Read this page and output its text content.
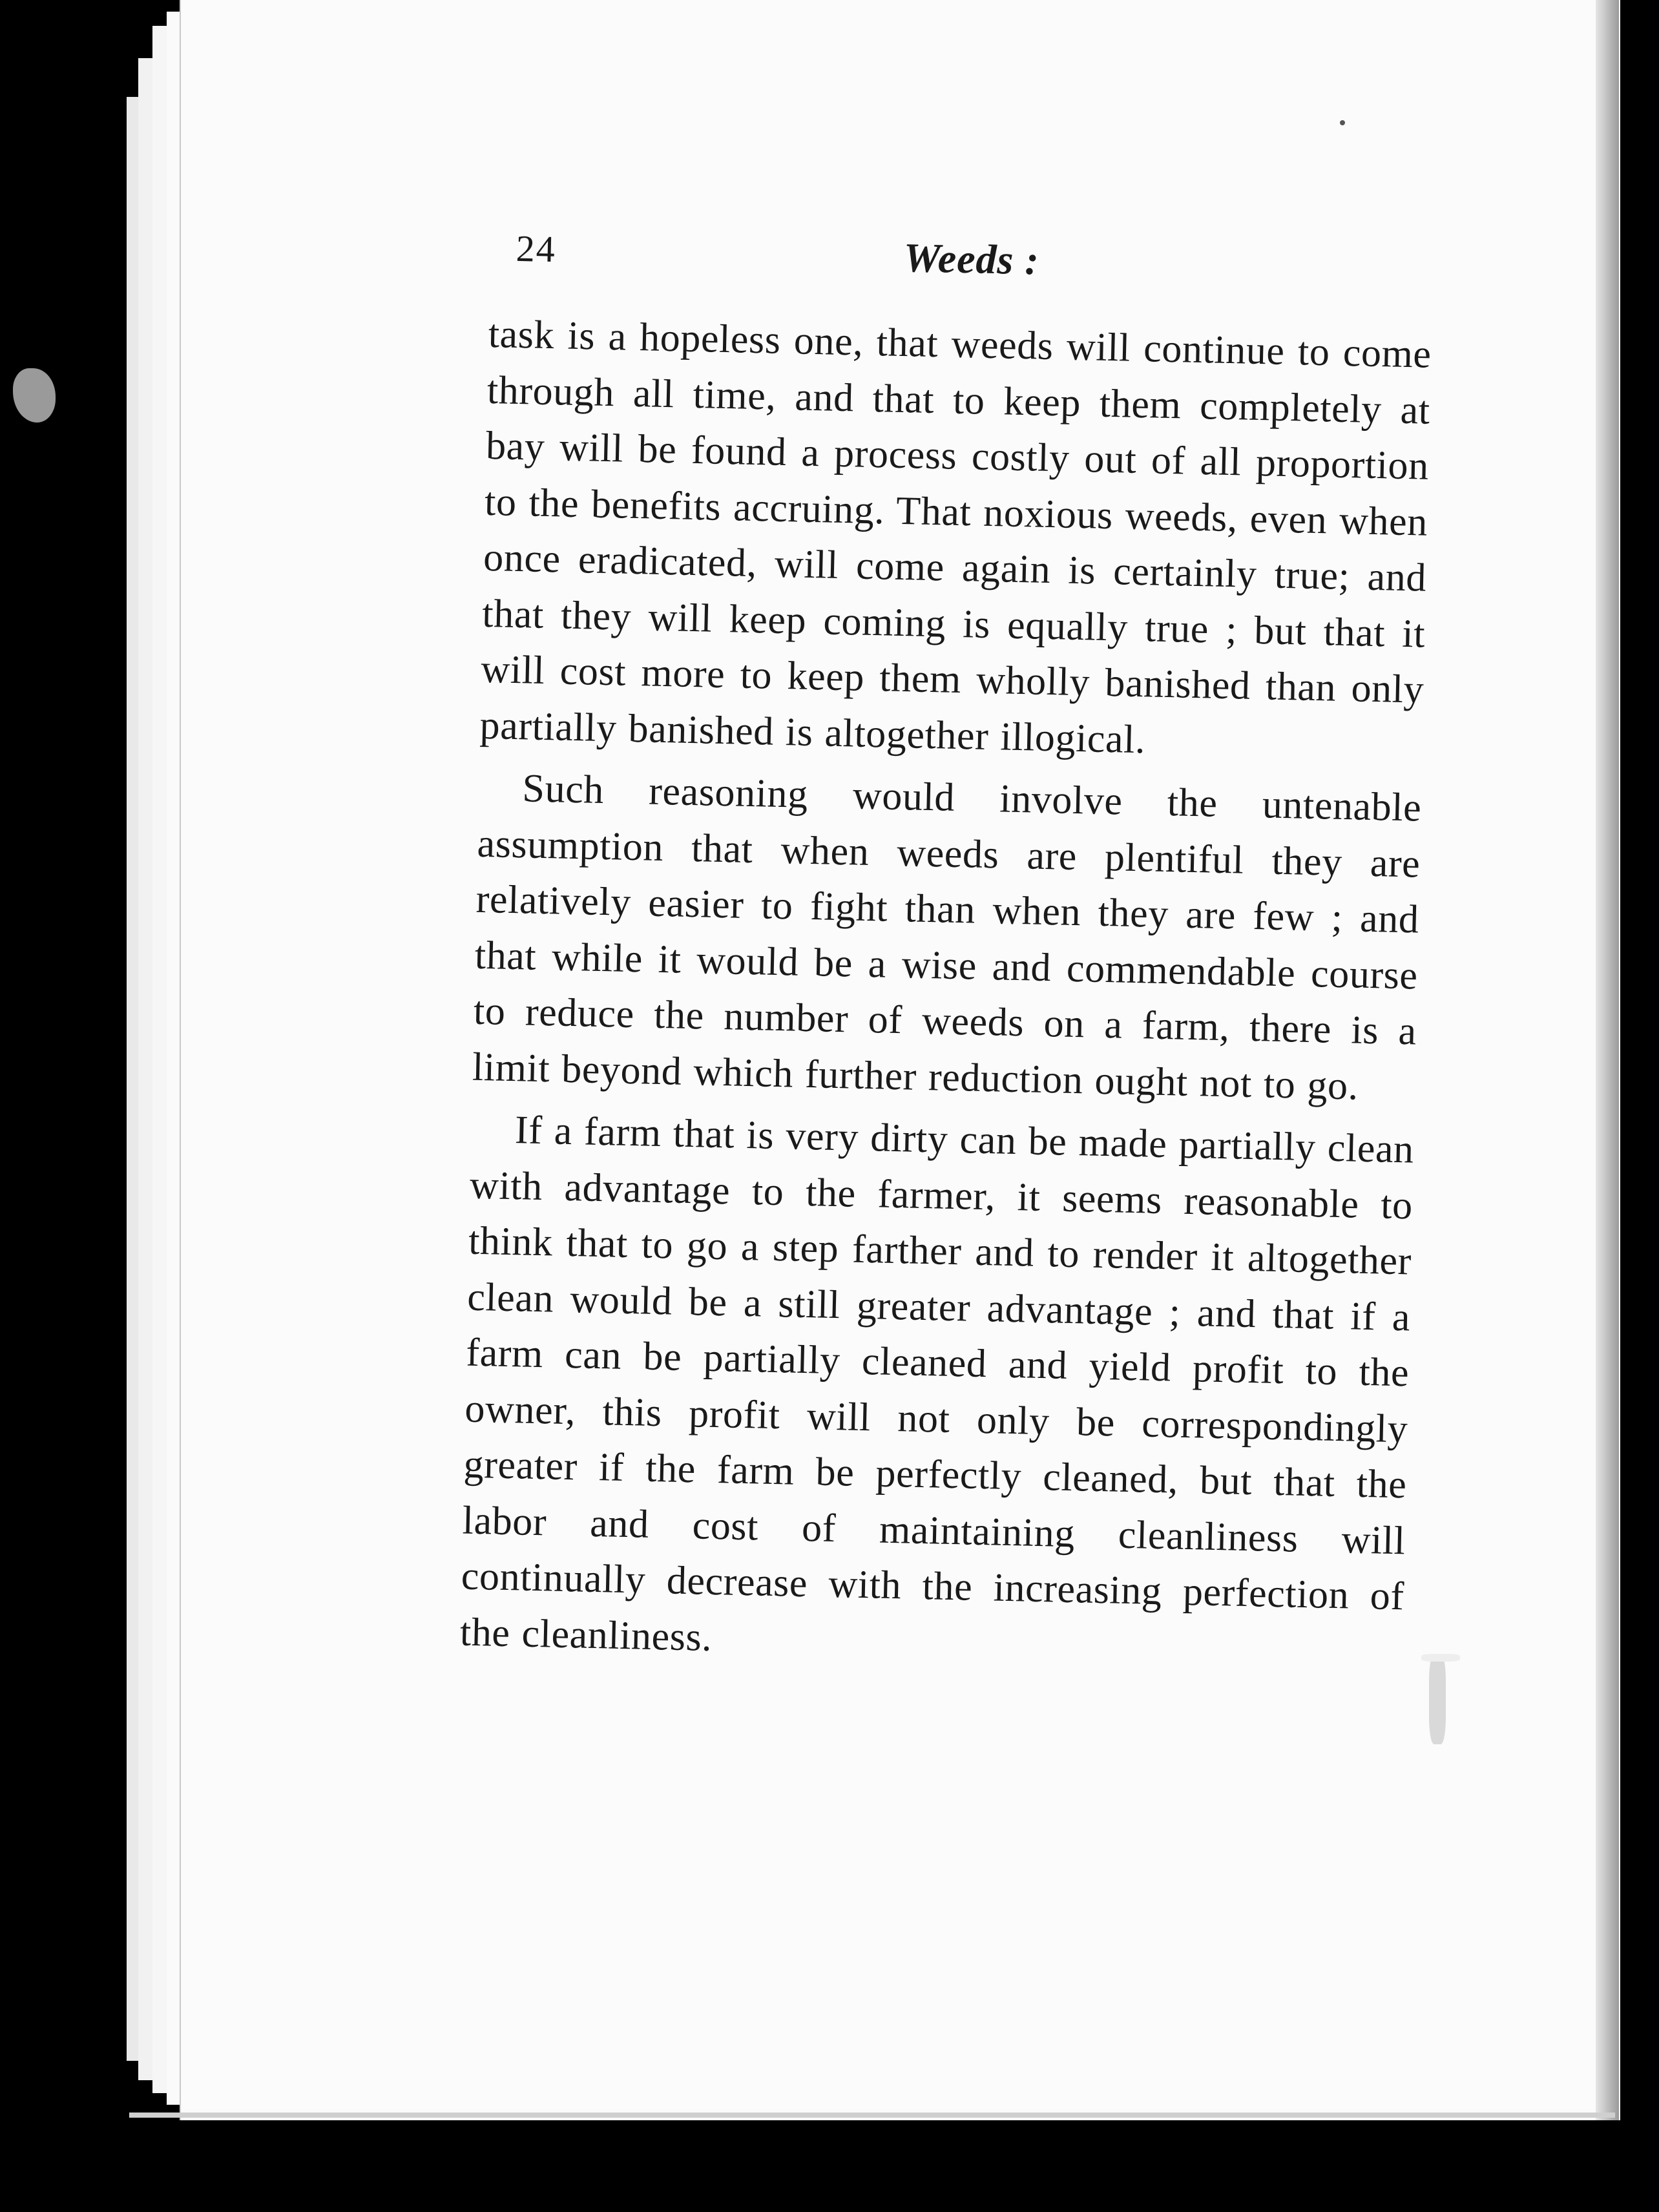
24	Weeds :

task is a hopeless one, that weeds will continue to come through all time, and that to keep them completely at bay will be found a process costly out of all proportion to the benefits accruing. That noxious weeds, even when once eradicated, will come again is certainly true; and that they will keep coming is equally true ; but that it will cost more to keep them wholly banished than only partially banished is altogether illogical.

Such reasoning would involve the untenable assumption that when weeds are plentiful they are relatively easier to fight than when they are few ; and that while it would be a wise and commendable course to reduce the number of weeds on a farm, there is a limit beyond which further reduction ought not to go.

If a farm that is very dirty can be made partially clean with advantage to the farmer, it seems reasonable to think that to go a step farther and to render it altogether clean would be a still greater advantage ; and that if a farm can be partially cleaned and yield profit to the owner, this profit will not only be correspondingly greater if the farm be perfectly cleaned, but that the labor and cost of maintaining cleanliness will continually decrease with the increasing perfection of the cleanliness.
